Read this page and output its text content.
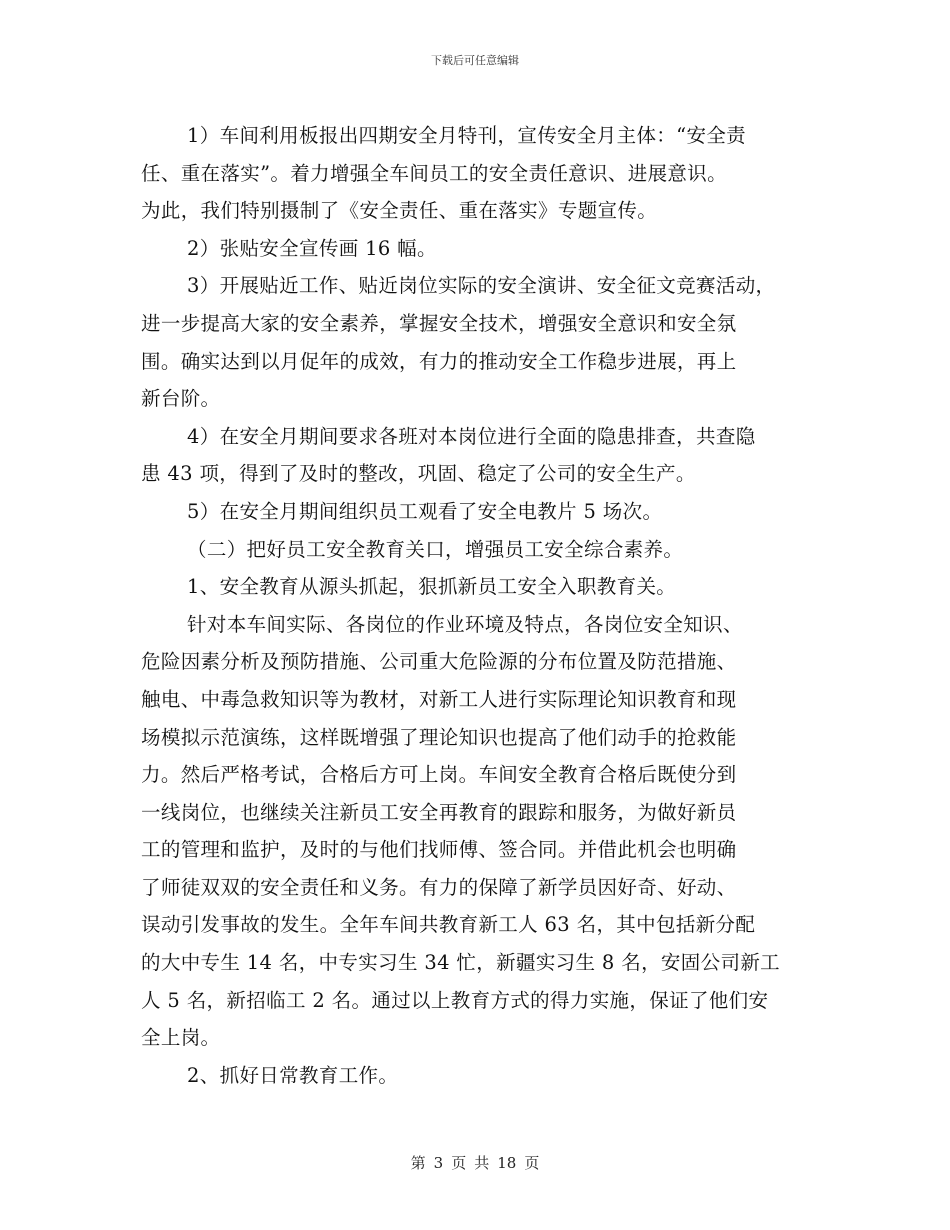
下载后可任意编辑
1）车间利用板报出四期安全月特刊，宣传安全月主体：“安全责
任、重在落实”。着力增强全车间员工的安全责任意识、进展意识。
为此，我们特别摄制了《安全责任、重在落实》专题宣传。
2）张贴安全宣传画 16 幅。
3）开展贴近工作、贴近岗位实际的安全演讲、安全征文竞赛活动，
进一步提高大家的安全素养，掌握安全技术，增强安全意识和安全氛
围。确实达到以月促年的成效，有力的推动安全工作稳步进展，再上
新台阶。
4）在安全月期间要求各班对本岗位进行全面的隐患排查，共查隐
患 43 项，得到了及时的整改，巩固、稳定了公司的安全生产。
5）在安全月期间组织员工观看了安全电教片 5 场次。
（二）把好员工安全教育关口，增强员工安全综合素养。
1、安全教育从源头抓起，狠抓新员工安全入职教育关。
针对本车间实际、各岗位的作业环境及特点，各岗位安全知识、
危险因素分析及预防措施、公司重大危险源的分布位置及防范措施、
触电、中毒急救知识等为教材，对新工人进行实际理论知识教育和现
场模拟示范演练，这样既增强了理论知识也提高了他们动手的抢救能
力。然后严格考试，合格后方可上岗。车间安全教育合格后既使分到
一线岗位，也继续关注新员工安全再教育的跟踪和服务，为做好新员
工的管理和监护，及时的与他们找师傅、签合同。并借此机会也明确
了师徒双双的安全责任和义务。有力的保障了新学员因好奇、好动、
误动引发事故的发生。全年车间共教育新工人 63 名，其中包括新分配
的大中专生 14 名，中专实习生 34 忙，新疆实习生 8 名，安固公司新工
人 5 名，新招临工 2 名。通过以上教育方式的得力实施，保证了他们安
全上岗。
2、抓好日常教育工作。
第 3 页 共 18 页
